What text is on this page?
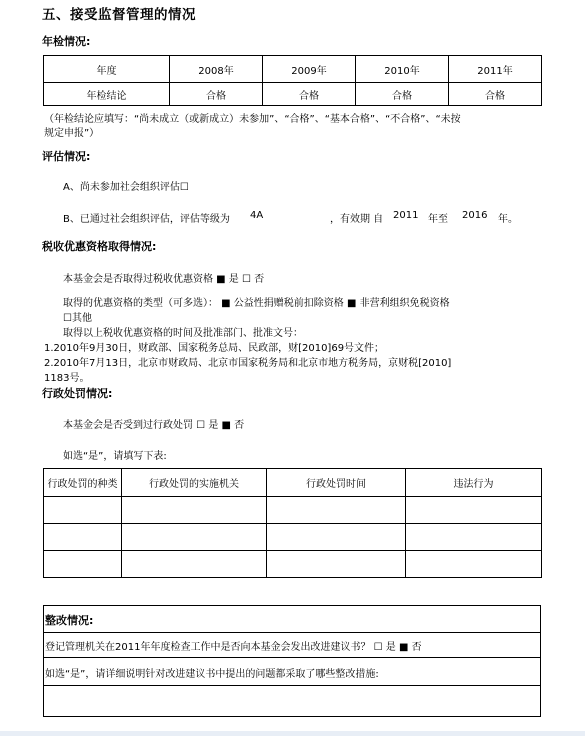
五、接受监督管理的情况
年检情况:
年度	2008年	2009年	2010年	2011年
年检结论	合格	合格	合格	合格
（年检结论应填写：“尚未成立（或新成立）未参加”、“合格”、“基本合格”、“不合格”、“未按
规定申报”）
评估情况:
A、尚未参加社会组织评估☐
B、已通过社会组织评估，评估等级为 4A	，有效期 自 2011 年至 2016 年。
税收优惠资格取得情况:
本基金会是否取得过税收优惠资格 ■ 是 ☐ 否
取得的优惠资格的类型（可多选）： ■ 公益性捐赠税前扣除资格 ■ 非营利组织免税资格
☐其他
取得以上税收优惠资格的时间及批准部门、批准文号：
1.2010年9月30日，财政部、国家税务总局、民政部，财[2010]69号文件；
2.2010年7月13日，北京市财政局、北京市国家税务局和北京市地方税务局，京财税[2010]
1183号。
行政处罚情况:
本基金会是否受到过行政处罚 ☐ 是 ■ 否
如选“是”，请填写下表:
行政处罚的种类	行政处罚的实施机关	行政处罚时间	违法行为

整改情况:
登记管理机关在2011年年度检查工作中是否向本基金会发出改进建议书？ ☐ 是 ■ 否
如选“是”，请详细说明针对改进建议书中提出的问题都采取了哪些整改措施:
